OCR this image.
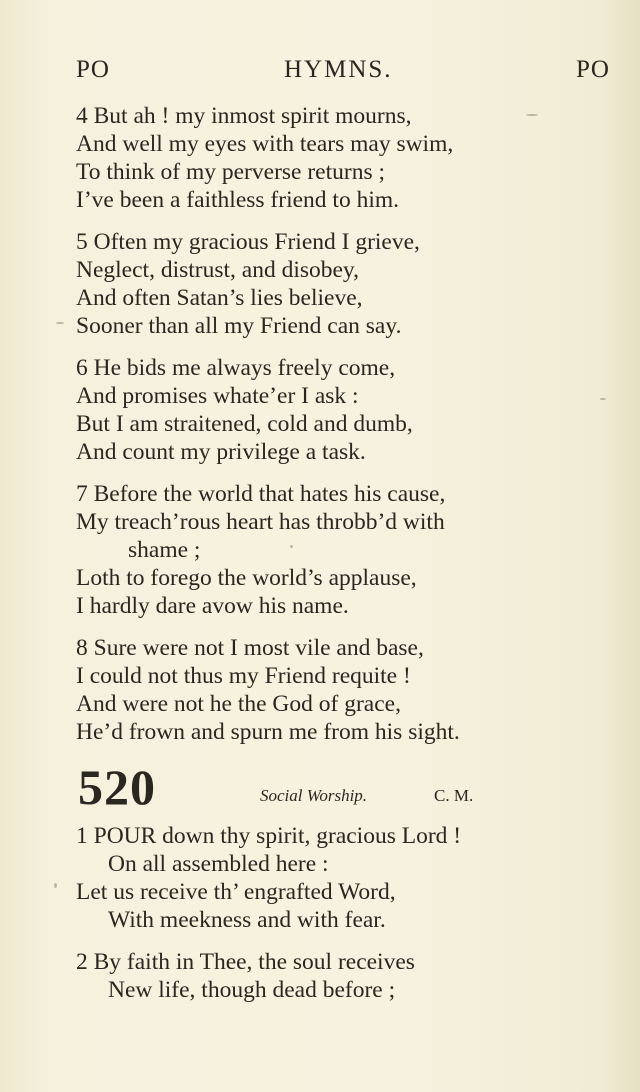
PO	HYMNS.	PO
4 But ah ! my inmost spirit mourns,
And well my eyes with tears may swim,
To think of my perverse returns ;
I’ve been a faithless friend to him.
5 Often my gracious Friend I grieve,
Neglect, distrust, and disobey,
And often Satan’s lies believe,
Sooner than all my Friend can say.
6 He bids me always freely come,
And promises whate’er I ask :
But I am straitened, cold and dumb,
And count my privilege a task.
7 Before the world that hates his cause,
My treach’rous heart has throbb’d with
shame ;
Loth to forego the world’s applause,
I hardly dare avow his name.
8 Sure were not I most vile and base,
I could not thus my Friend requite !
And were not he the God of grace,
He’d frown and spurn me from his sight.
520	Social Worship.	C. M.
1 POUR down thy spirit, gracious Lord !
On all assembled here :
Let us receive th’ engrafted Word,
With meekness and with fear.
2 By faith in Thee, the soul receives
New life, though dead before ;
